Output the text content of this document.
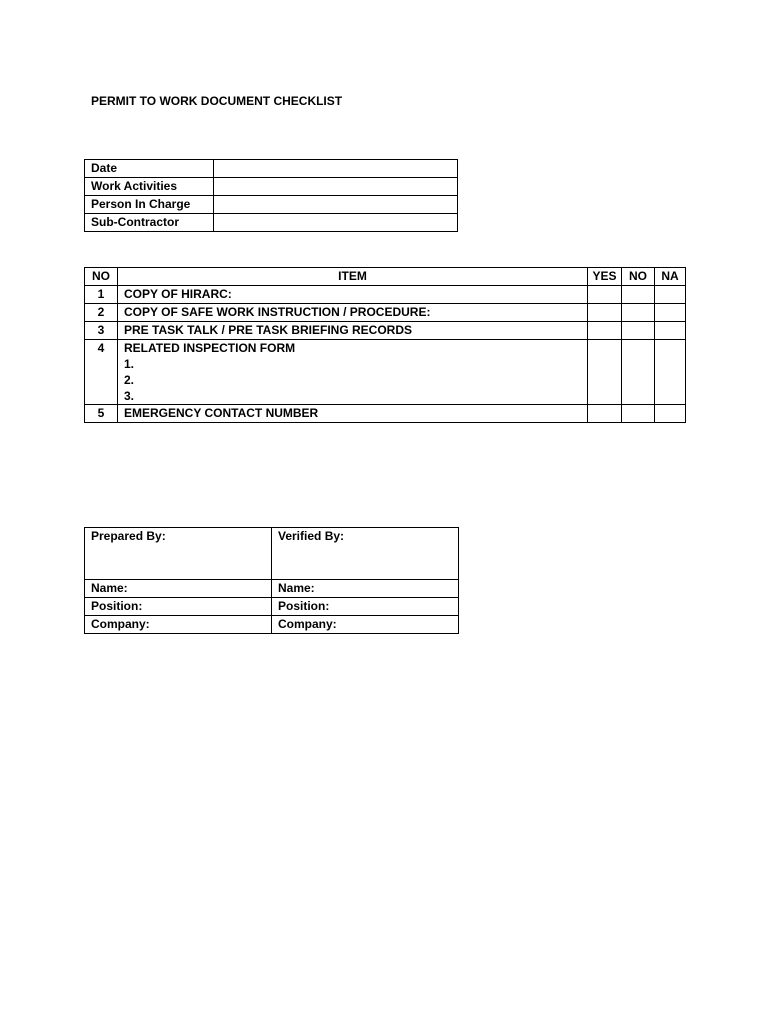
PERMIT TO WORK DOCUMENT CHECKLIST
Date	
Work Activities	
Person In Charge	
Sub-Contractor	
NO	ITEM	YES	NO	NA
1	COPY OF HIRARC:			
2	COPY OF SAFE WORK INSTRUCTION / PROCEDURE:			
3	PRE TASK TALK / PRE TASK BRIEFING RECORDS			
4	RELATED INSPECTION FORM
1.
2.
3.			

5	EMERGENCY CONTACT NUMBER			
Prepared By:	Verified By:
Name:	Name:
Position:	Position:
Company:	Company:
